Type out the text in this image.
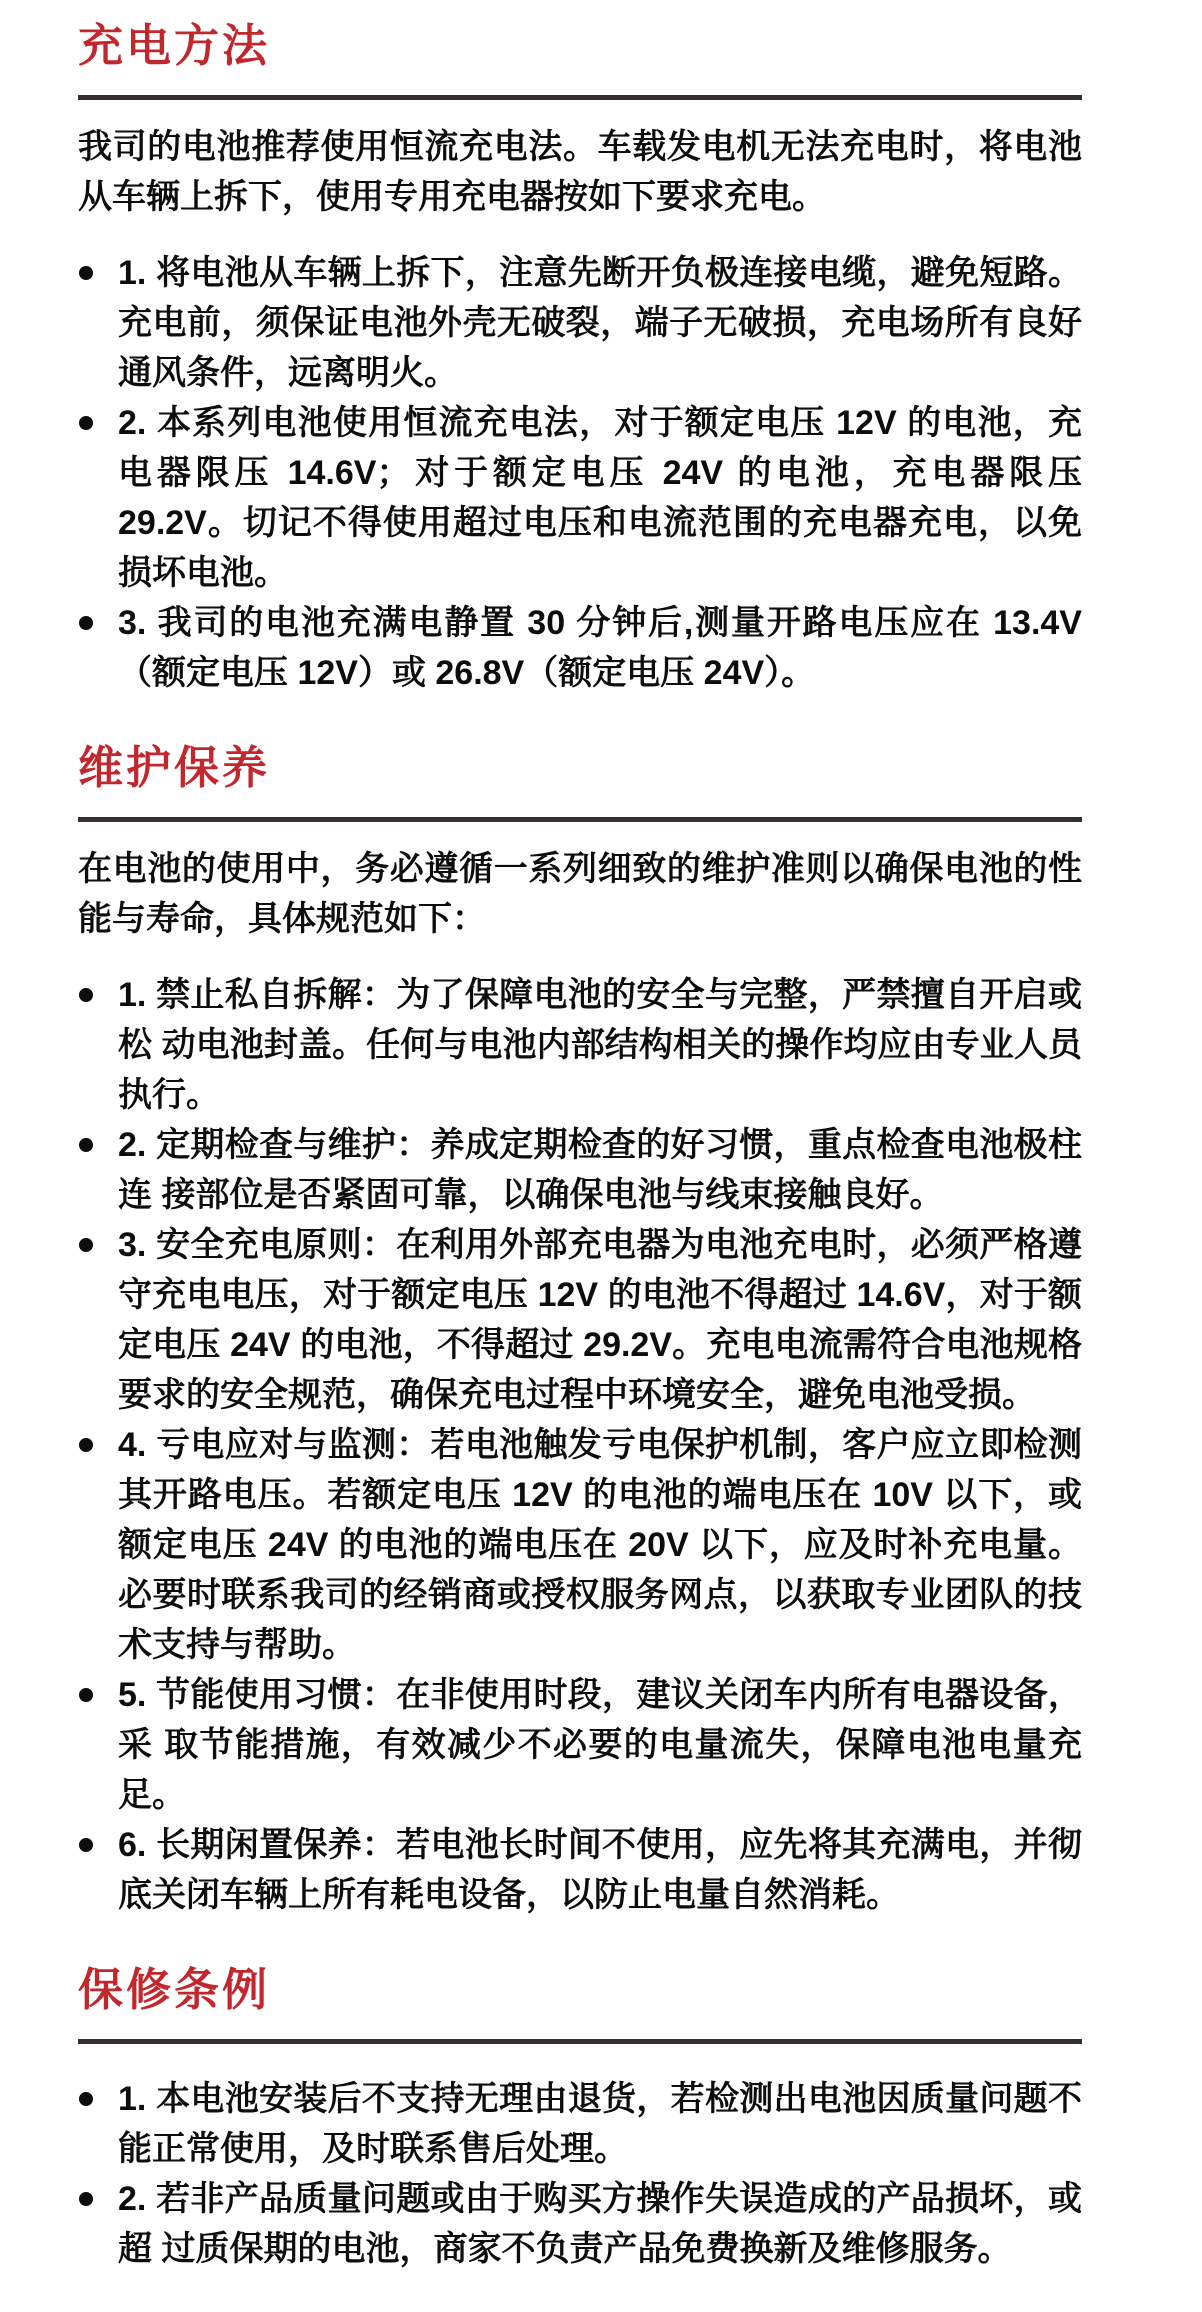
充电方法

我司的电池推荐使用恒流充电法。车载发电机无法充电时，将电池从车辆上拆下，使用专用充电器按如下要求充电。

1. 将电池从车辆上拆下，注意先断开负极连接电缆，避免短路。充电前，须保证电池外壳无破裂，端子无破损，充电场所有良好通风条件，远离明火。
2. 本系列电池使用恒流充电法，对于额定电压 12V 的电池，充电器限压 14.6V；对于额定电压 24V 的电池，充电器限压 29.2V。切记不得使用超过电压和电流范围的充电器充电，以免损坏电池。
3. 我司的电池充满电静置 30 分钟后,测量开路电压应在 13.4V（额定电压 12V）或 26.8V（额定电压 24V）。
维护保养

在电池的使用中，务必遵循一系列细致的维护准则以确保电池的性能与寿命，具体规范如下：

1. 禁止私自拆解：为了保障电池的安全与完整，严禁擅自开启或松 动电池封盖。任何与电池内部结构相关的操作均应由专业人员执行。
2. 定期检查与维护：养成定期检查的好习惯，重点检查电池极柱连 接部位是否紧固可靠，以确保电池与线束接触良好。
3. 安全充电原则：在利用外部充电器为电池充电时，必须严格遵守充电电压，对于额定电压 12V 的电池不得超过 14.6V，对于额定电压 24V 的电池，不得超过 29.2V。充电电流需符合电池规格要求的安全规范，确保充电过程中环境安全，避免电池受损。
4. 亏电应对与监测：若电池触发亏电保护机制，客户应立即检测其开路电压。若额定电压 12V 的电池的端电压在 10V 以下，或额定电压 24V 的电池的端电压在 20V 以下，应及时补充电量。必要时联系我司的经销商或授权服务网点，以获取专业团队的技术支持与帮助。
5. 节能使用习惯：在非使用时段，建议关闭车内所有电器设备，采 取节能措施，有效减少不必要的电量流失，保障电池电量充足。
6. 长期闲置保养：若电池长时间不使用，应先将其充满电，并彻底关闭车辆上所有耗电设备，以防止电量自然消耗。
保修条例
1. 本电池安装后不支持无理由退货，若检测出电池因质量问题不能正常使用，及时联系售后处理。
2. 若非产品质量问题或由于购买方操作失误造成的产品损坏，或超 过质保期的电池，商家不负责产品免费换新及维修服务。
